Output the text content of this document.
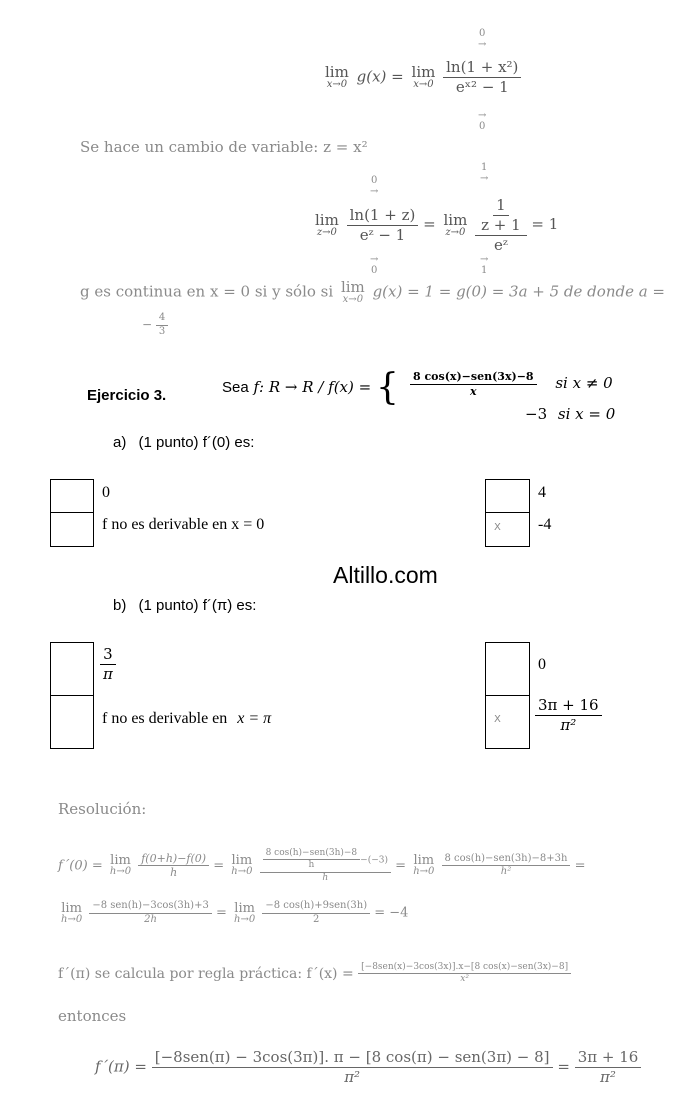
0
→
lim
x→0 g(x) = lim
x→0
$\frac{\text{ln(1 + x²)}}{\text{eˣ² − 1}}$
→
0
Se hace un cambio de variable: z = x²
0
→
1
→
lim
z→0
$\frac{\ln(1 + z)}{\text{eᶻ − 1}} = \lim$
z→0
$\frac{\frac{1}{z + 1}}{\text{eᶻ}} = 1$
→
0
→
1
g es continua en x = 0 si y sólo si lim
x→0 g(x) = 1 = g(0) = 3a + 5 de donde a =
− $\frac{4}{3}$
Ejercicio 3.	Sea f: R → R / f(x) = { $\frac{\text{8 cos(x)−sen(3x)−8}}{x}$ si x ≠ 0
−3 si x = 0
a) (1 punto) f´(0) es:
0
f no es derivable en x = 0	X
4
-4
Altillo.com
b) (1 punto) f´(π) es:
$\frac{3}{\pi}$
f no es derivable en x = π	X
0
$\frac{3\pi + 16}{\text{π²}}$
Resolución:
f´(0) = lim
h→0
$\frac{f(0+h)-f(0)}{h} = \lim$
h→0
$\frac{\frac{\text{8 cos(h)−sen(3h)−8}}{h} -(-3)}{h} = \lim$
h→0
$\frac{\text{8 cos(h)−sen(3h)−8+3h}}{\text{h²}}$ =
lim
h→0
$\frac{\text{−8 sen(h)−3cos(3h)+3}}{2h} = \lim$
h→0
$\frac{\text{−8 cos(h)+9sen(3h)}}{2} = -4$
f´(π) se calcula por regla práctica: f´(x) = $\frac{\text{[−8sen(x)−3cos(3x)].x−[8 cos(x)−sen(3x)−8]}}{\text{x²}}$
entonces
f´(π) = $\frac{\text{[−8sen(π) − 3cos(3π)]. π − [8 cos(π) − sen(3π) − 8]}}{\text{π²}} = \frac{3\pi + 16}{\text{π²}}$
